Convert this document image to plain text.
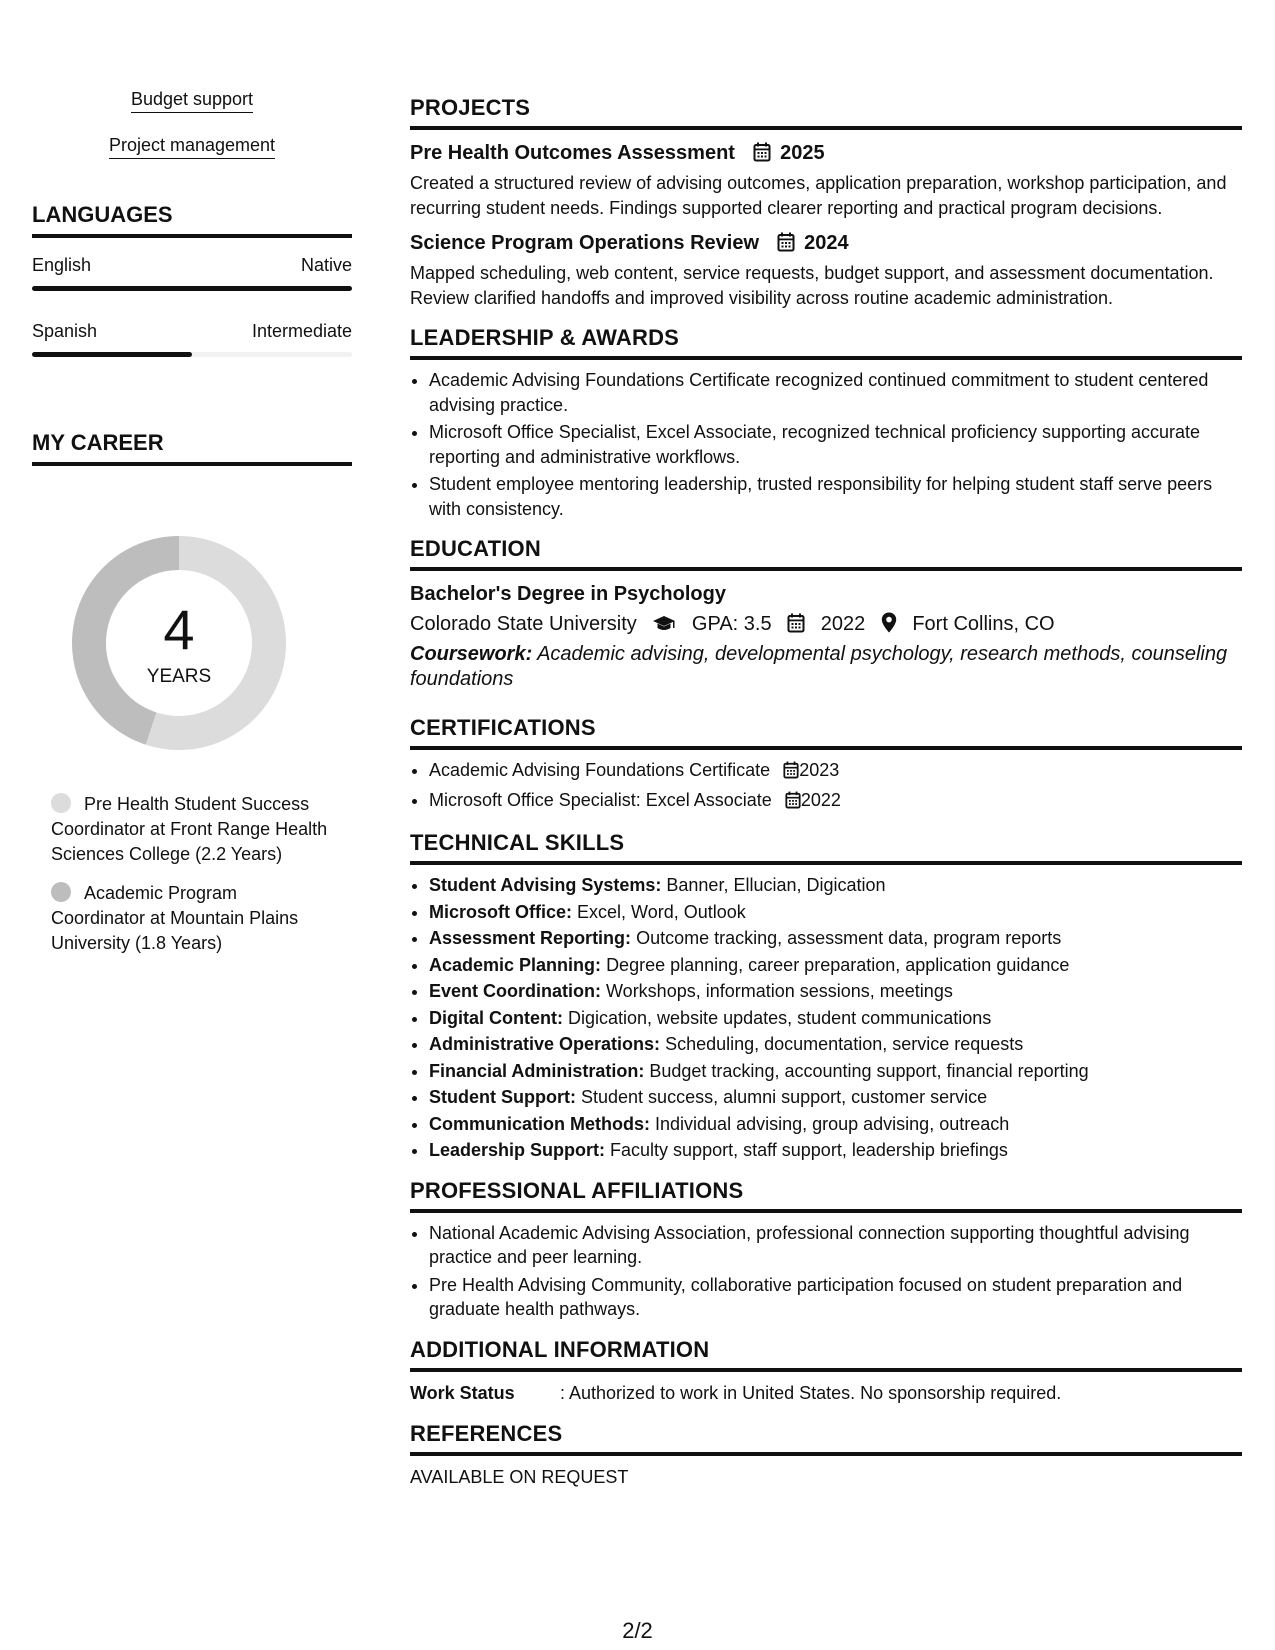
Budget support
Project management
LANGUAGES
English	Native
Spanish	Intermediate
MY CAREER
4
YEARS
Pre Health Student Success Coordinator at Front Range Health Sciences College (2.2 Years)
Academic Program Coordinator at Mountain Plains University (1.8 Years)
PROJECTS
Pre Health Outcomes Assessment 2025
Created a structured review of advising outcomes, application preparation, workshop participation, and recurring student needs. Findings supported clearer reporting and practical program decisions.
Science Program Operations Review 2024
Mapped scheduling, web content, service requests, budget support, and assessment documentation. Review clarified handoffs and improved visibility across routine academic administration.
LEADERSHIP & AWARDS
• Academic Advising Foundations Certificate recognized continued commitment to student centered advising practice.
• Microsoft Office Specialist, Excel Associate, recognized technical proficiency supporting accurate reporting and administrative workflows.
• Student employee mentoring leadership, trusted responsibility for helping student staff serve peers with consistency.
EDUCATION
Bachelor's Degree in Psychology
Colorado State University	GPA: 3.5 2022 Fort Collins, CO
Coursework: Academic advising, developmental psychology, research methods, counseling foundations
CERTIFICATIONS
• Academic Advising Foundations Certificate 2023
• Microsoft Office Specialist: Excel Associate 2022
TECHNICAL SKILLS
• Student Advising Systems: Banner, Ellucian, Digication
• Microsoft Office: Excel, Word, Outlook
• Assessment Reporting: Outcome tracking, assessment data, program reports
• Academic Planning: Degree planning, career preparation, application guidance
• Event Coordination: Workshops, information sessions, meetings
• Digital Content: Digication, website updates, student communications
• Administrative Operations: Scheduling, documentation, service requests
• Financial Administration: Budget tracking, accounting support, financial reporting
• Student Support: Student success, alumni support, customer service
• Communication Methods: Individual advising, group advising, outreach
• Leadership Support: Faculty support, staff support, leadership briefings
PROFESSIONAL AFFILIATIONS
• National Academic Advising Association, professional connection supporting thoughtful advising practice and peer learning.
• Pre Health Advising Community, collaborative participation focused on student preparation and graduate health pathways.
ADDITIONAL INFORMATION
Work Status	: Authorized to work in United States. No sponsorship required.
REFERENCES
AVAILABLE ON REQUEST
2/2
